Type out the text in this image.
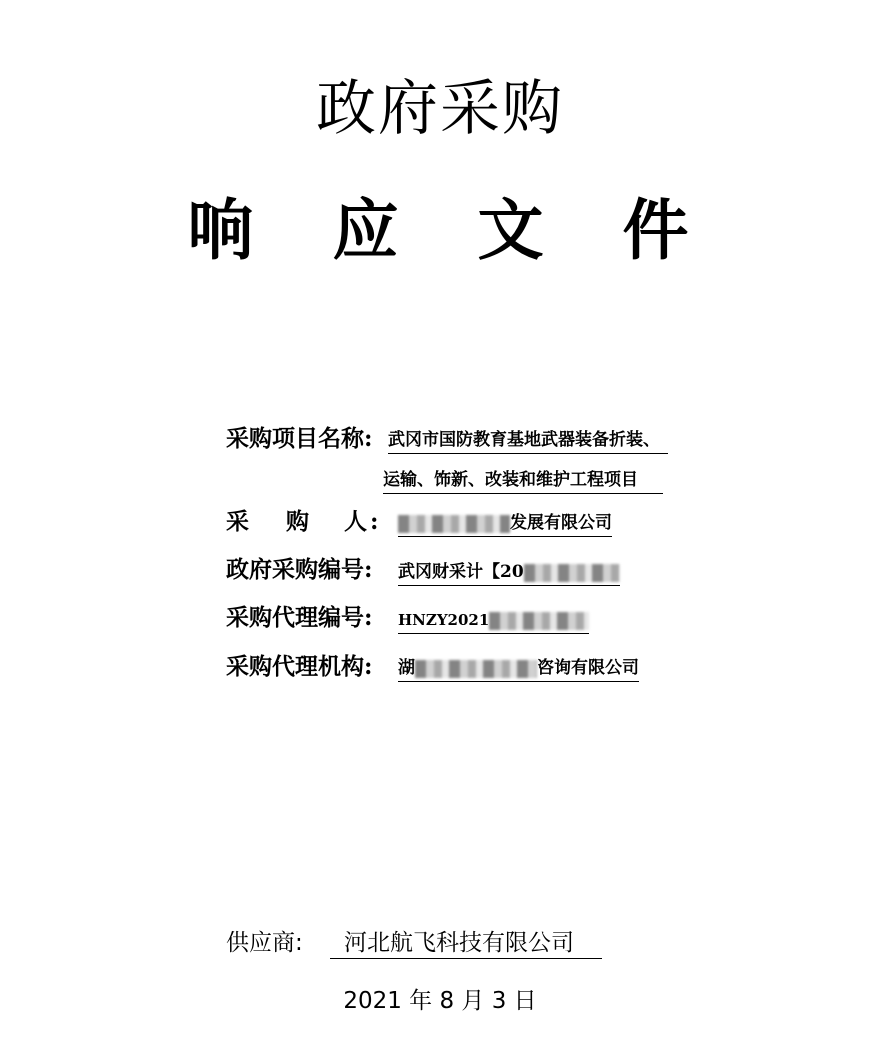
政府采购
响 应 文 件
采购项目名称: 武冈市国防教育基地武器装备折装、
运输、饰新、改装和维护工程项目
采 购 人 :	发展有限公司
政府采购编号: 武冈财采计【20
采购代理编号: HNZY2021
采购代理机构: 湖	咨询有限公司
供应商:	河北航飞科技有限公司
2021 年 8 月 3 日
